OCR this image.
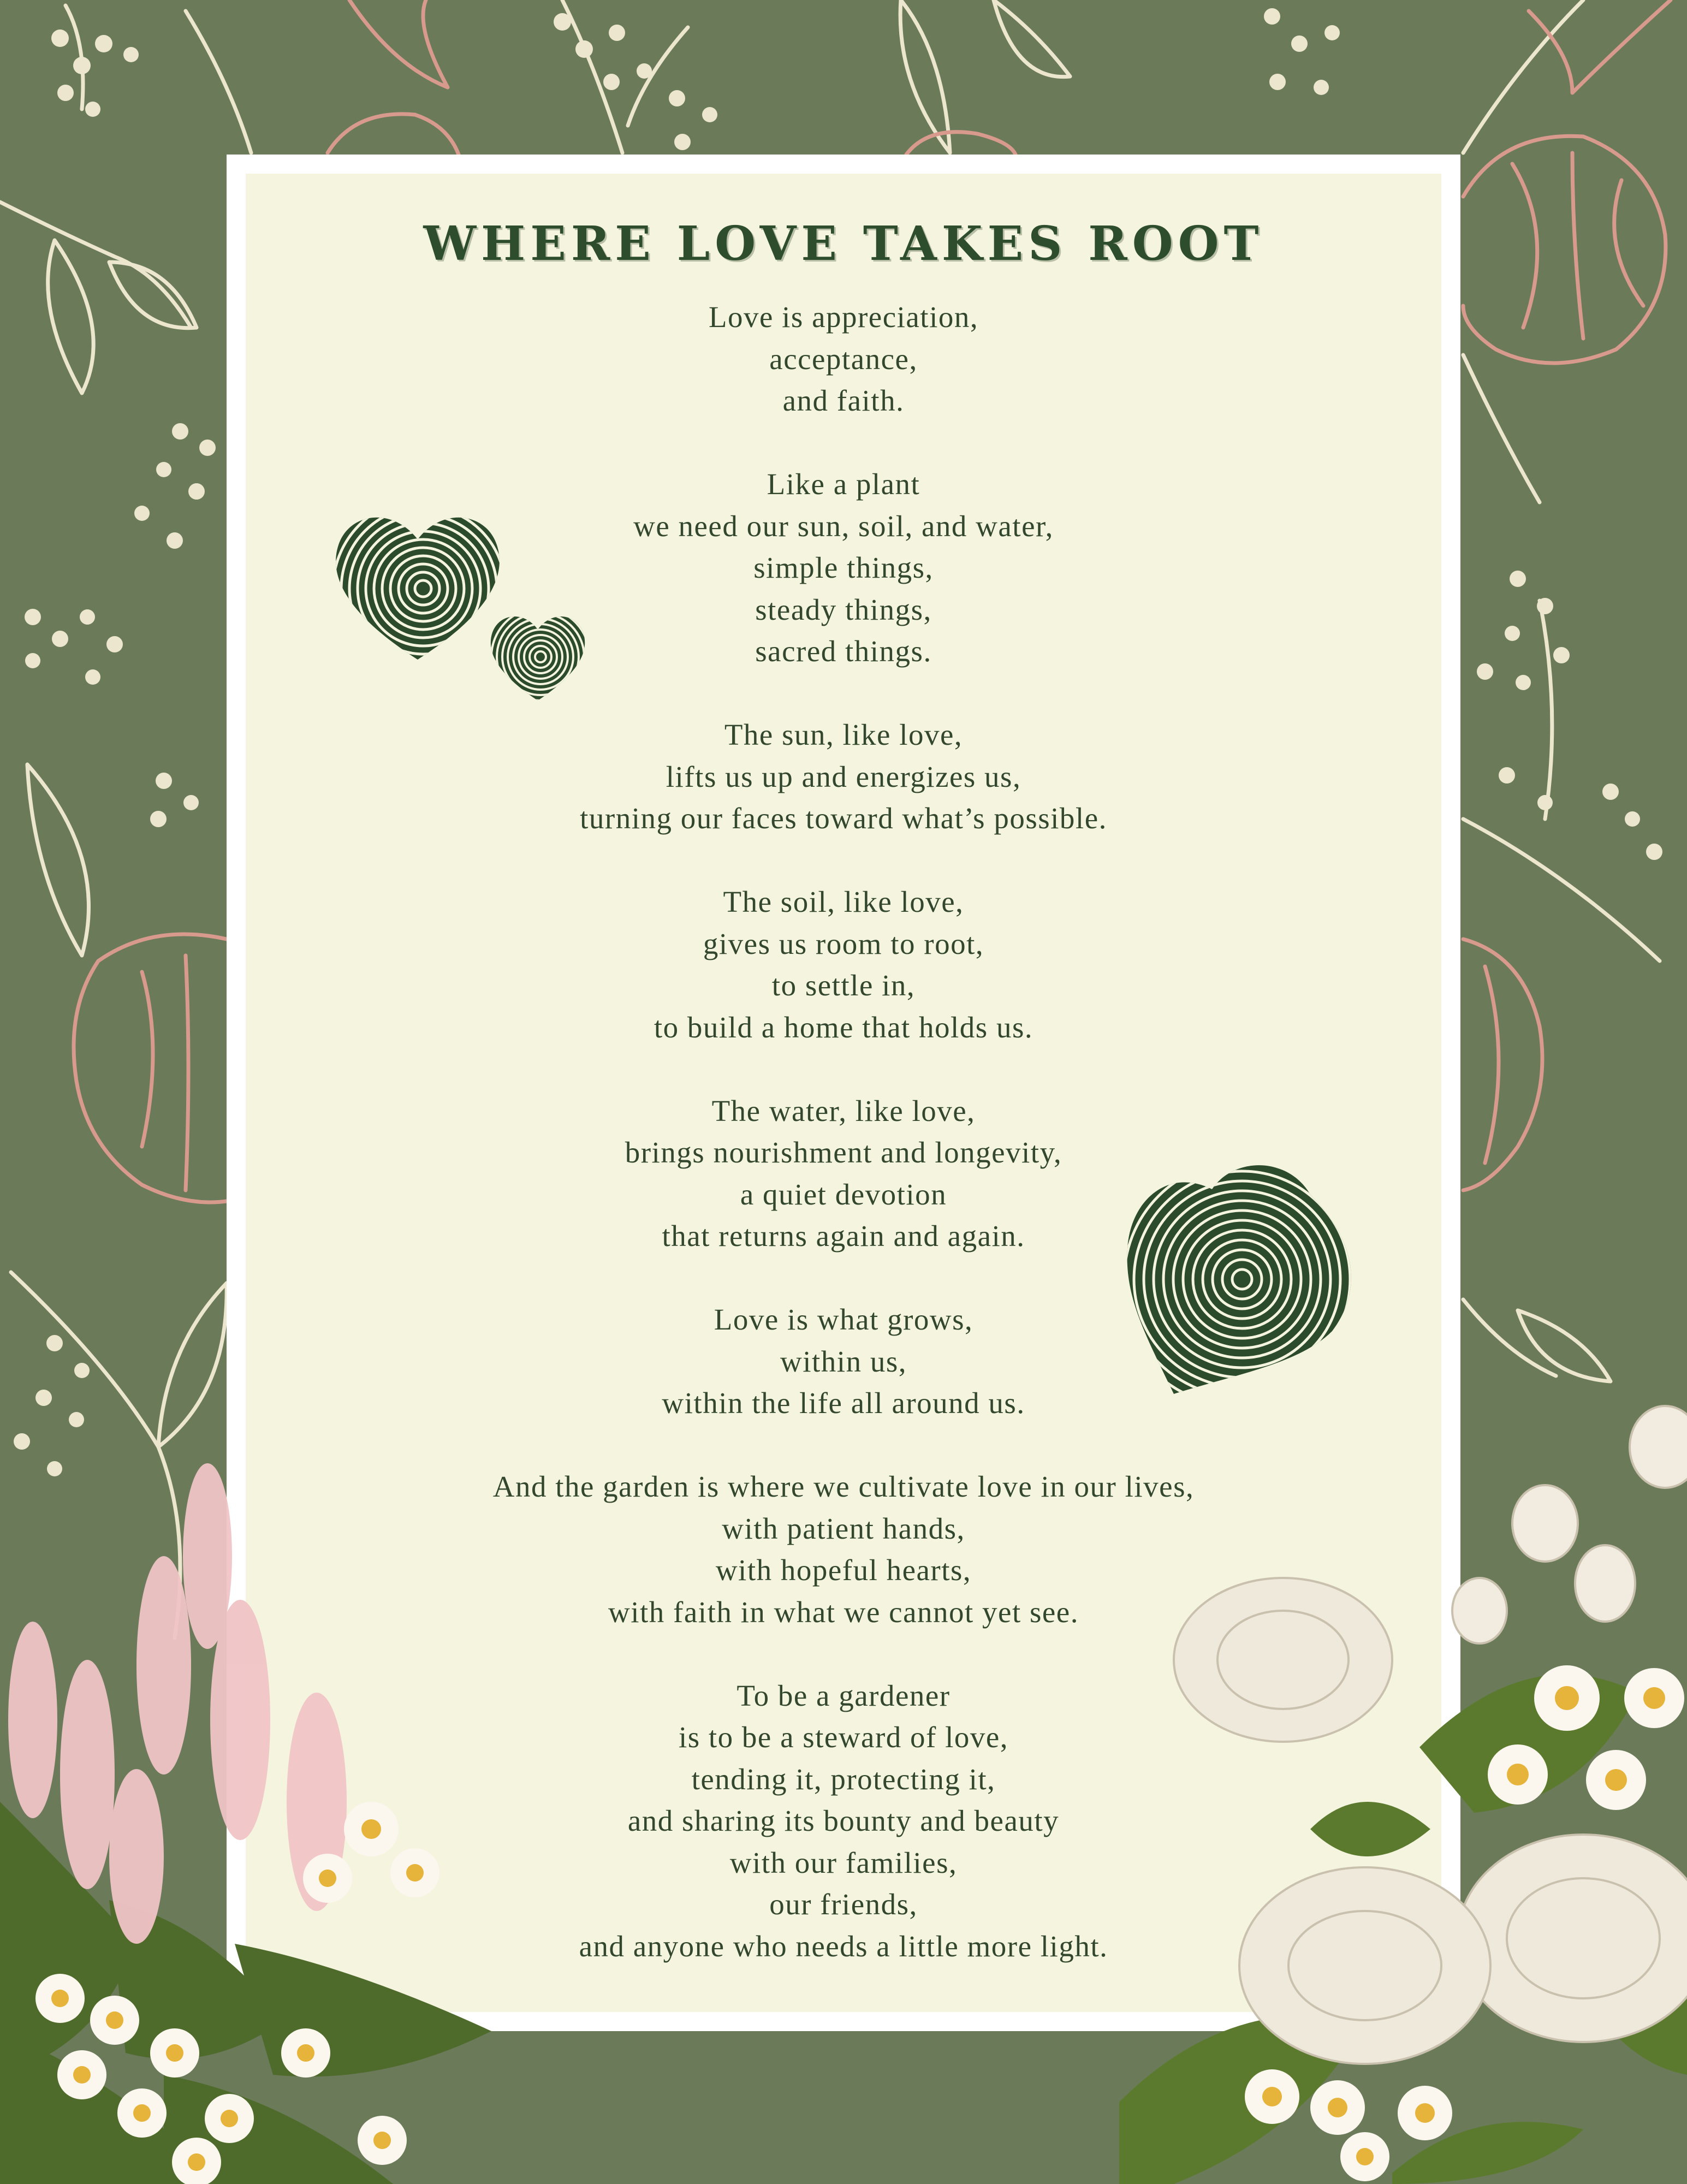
WHERE LOVE TAKES ROOT

Love is appreciation,
acceptance,
and faith.

Like a plant
we need our sun, soil, and water,
simple things,
steady things,
sacred things.

The sun, like love,
lifts us up and energizes us,
turning our faces toward what’s possible.

The soil, like love,
gives us room to root,
to settle in,
to build a home that holds us.

The water, like love,
brings nourishment and longevity,
a quiet devotion
that returns again and again.

Love is what grows,
within us,
within the life all around us.

And the garden is where we cultivate love in our lives,
with patient hands,
with hopeful hearts,
with faith in what we cannot yet see.

To be a gardener
is to be a steward of love,
tending it, protecting it,
and sharing its bounty and beauty
with our families,
our friends,
and anyone who needs a little more light.
